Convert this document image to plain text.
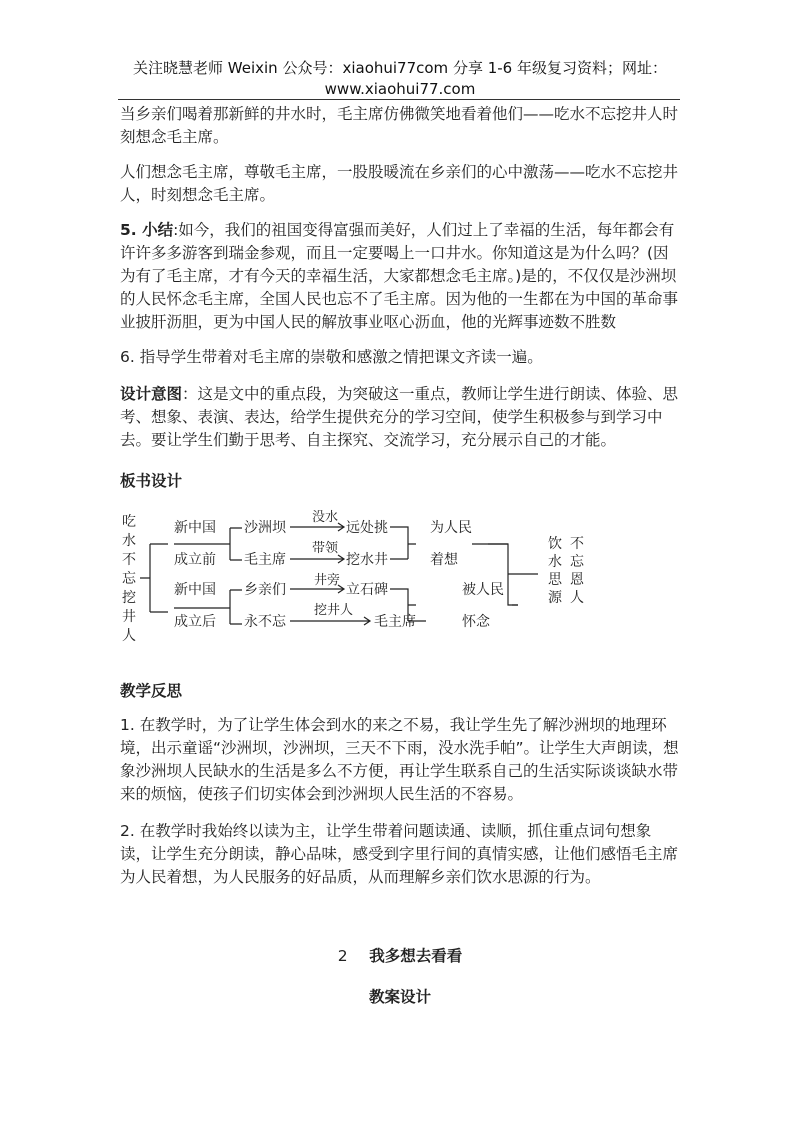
关注晓慧老师 Weixin 公众号：xiaohui77com 分享 1-6 年级复习资料；网址：
www.xiaohui77.com

当乡亲们喝着那新鲜的井水时，毛主席仿佛微笑地看着他们——吃水不忘挖井人时刻想念毛主席。

人们想念毛主席，尊敬毛主席，一股股暖流在乡亲们的心中激荡——吃水不忘挖井人，时刻想念毛主席。

5. 小结:如今，我们的祖国变得富强而美好，人们过上了幸福的生活，每年都会有许许多多游客到瑞金参观，而且一定要喝上一口井水。你知道这是为什么吗？(因为有了毛主席，才有今天的幸福生活，大家都想念毛主席。)是的，不仅仅是沙洲坝的人民怀念毛主席，全国人民也忘不了毛主席。因为他的一生都在为中国的革命事业披肝沥胆，更为中国人民的解放事业呕心沥血，他的光辉事迹数不胜数

6. 指导学生带着对毛主席的崇敬和感激之情把课文齐读一遍。

设计意图：这是文中的重点段，为突破这一重点，教师让学生进行朗读、体验、思考、想象、表演、表达，给学生提供充分的学习空间，使学生积极参与到学习中去。要让学生们勤于思考、自主探究、交流学习，充分展示自己的才能。

板书设计
吃
水
不
忘
挖
井
人
新中国
成立前
新中国
成立后
沙洲坝
没水
远处挑
毛主席
带领
挖水井
乡亲们
井旁
立石碑
永不忘
挖井人
毛主席
为人民
着想
被人民
怀念
饮
水
思
源
不
忘
恩
人
教学反思

1. 在教学时，为了让学生体会到水的来之不易，我让学生先了解沙洲坝的地理环境，出示童谣“沙洲坝，沙洲坝，三天不下雨，没水洗手帕”。让学生大声朗读，想象沙洲坝人民缺水的生活是多么不方便，再让学生联系自己的生活实际谈谈缺水带来的烦恼，使孩子们切实体会到沙洲坝人民生活的不容易。

2. 在教学时我始终以读为主，让学生带着问题读通、读顺，抓住重点词句想象读，让学生充分朗读，静心品味，感受到字里行间的真情实感，让他们感悟毛主席为人民着想，为人民服务的好品质，从而理解乡亲们饮水思源的行为。

2 我多想去看看
教案设计
